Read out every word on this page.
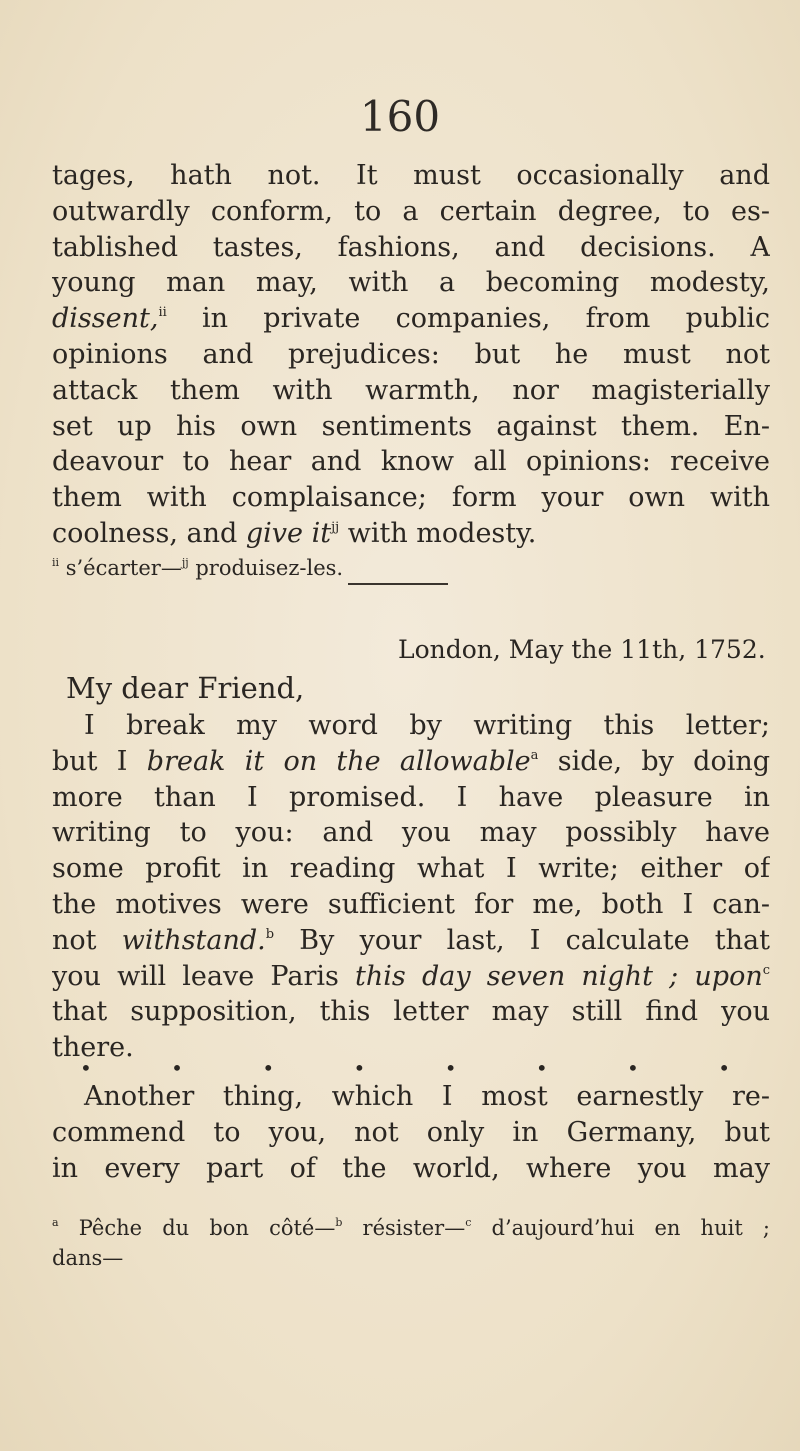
160
tages, hath not. It must occasionally and
outwardly conform, to a certain degree, to es-
tablished tastes, fashions, and decisions. A
young man may, with a becoming modesty,
dissent,$^{ii}$ in private companies, from public
opinions and prejudices: but he must not
attack them with warmth, nor magisterially
set up his own sentiments against them. En-
deavour to hear and know all opinions: receive
them with complaisance; form your own with
coolness, and give $it^{jj}$ with modesty.
$^{ii}$ s’écarter—$^{jj}$ produisez-les.
London, May the 11th, 1752.
My dear Friend,
I break my word by writing this letter;
but I break it on the allowable$^a$ side, by doing
more than I promised. I have pleasure in
writing to you: and you may possibly have
some profit in reading what I write; either of
the motives were sufficient for me, both I can-
not withstand.$^b$ By your last, I calculate that
you will leave Paris this day seven night ; upon$^c$
that supposition, this letter may still find you
there.
•	•	•	•	•	•	•	•
Another thing, which I most earnestly re-
commend to you, not only in Germany, but
in every part of the world, where you may
$^a$ Pêche du bon côté—$^b$ résister—$^c$ d’aujourd’hui en huit ;
dans—
